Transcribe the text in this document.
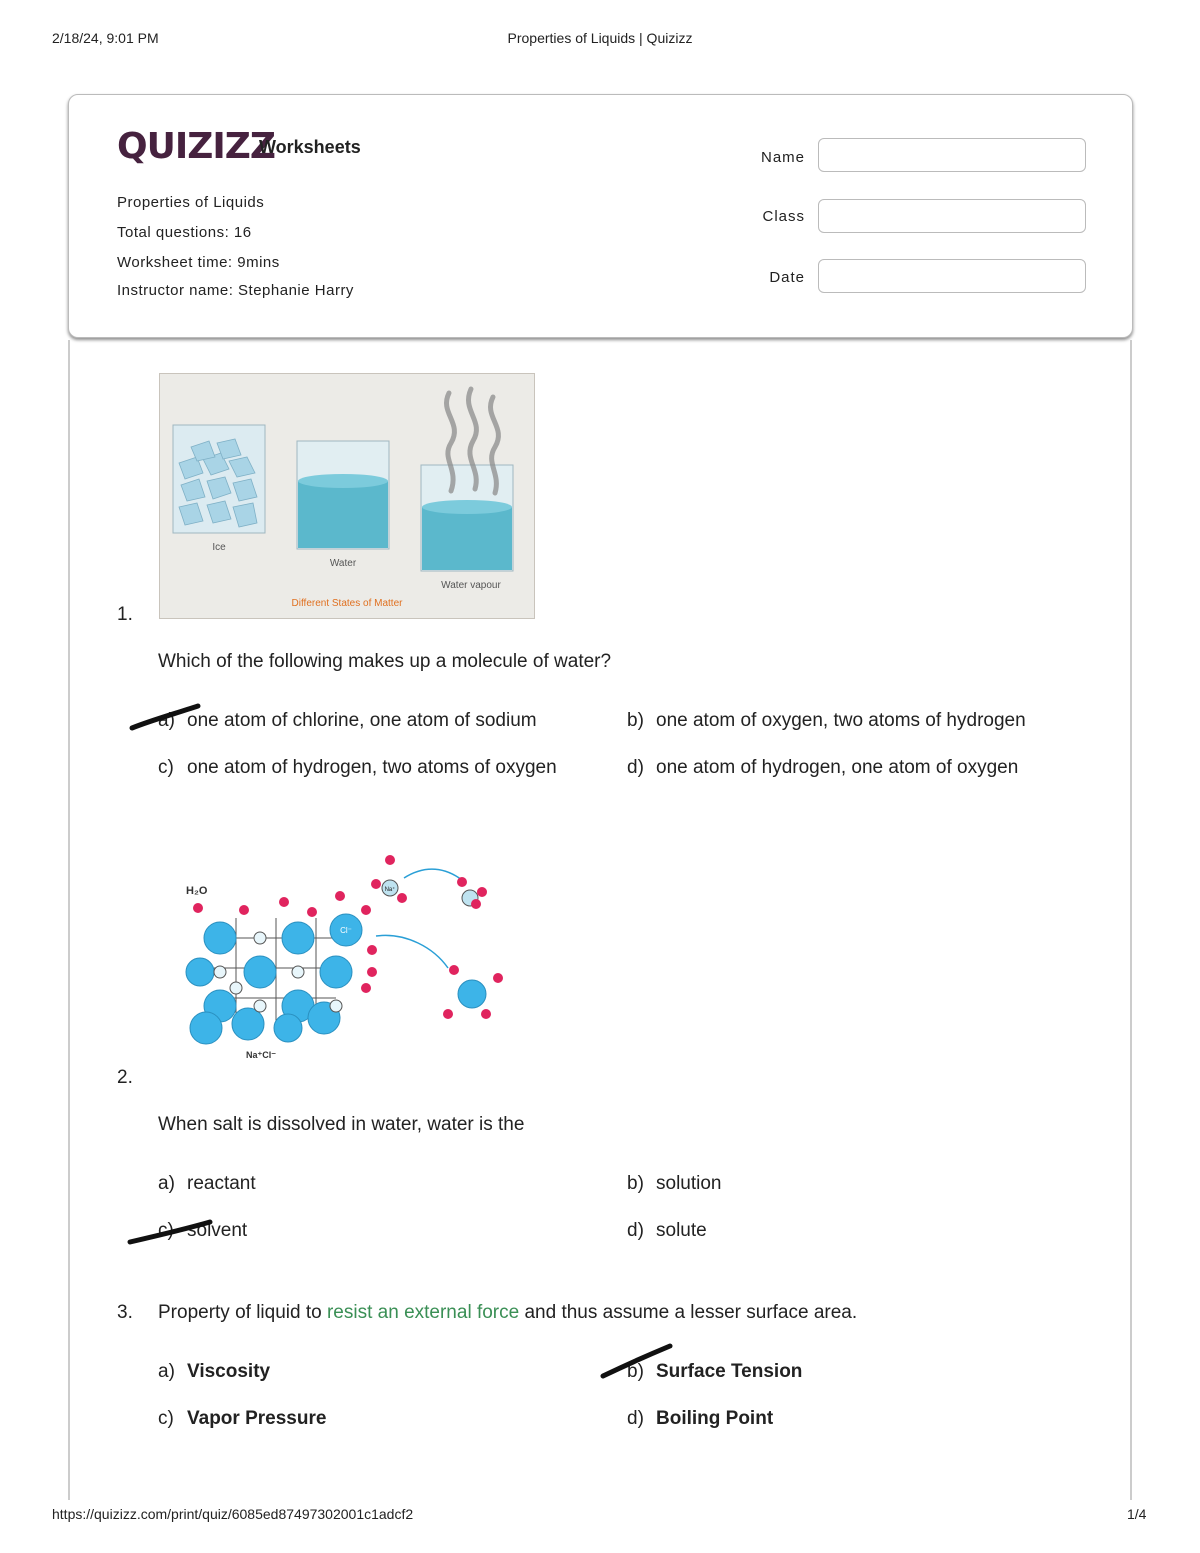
2/18/24, 9:01 PM	Properties of Liquids | Quizizz
https://quizizz.com/print/quiz/6085ed87497302001c1adcf2	1/4
QUIZIZZ
Worksheets
Properties of Liquids
Total questions: 16
Worksheet time: 9mins
Instructor name: Stephanie Harry
Name
Class
Date
Ice
Water
Water vapour
Different States of Matter
1.
Which of the following makes up a molecule of water?
a) one atom of chlorine, one atom of sodium	b) one atom of oxygen, two atoms of hydrogen
c) one atom of hydrogen, two atoms of oxygen	d) one atom of hydrogen, one atom of oxygen
H₂O
Cl⁻
Na⁺
Na⁺Cl⁻
2.
When salt is dissolved in water, water is the
a) reactant	b) solution
c) solvent	d) solute
3. Property of liquid to resist an external force and thus assume a lesser surface area.
a) Viscosity	b) Surface Tension
c) Vapor Pressure	d) Boiling Point
